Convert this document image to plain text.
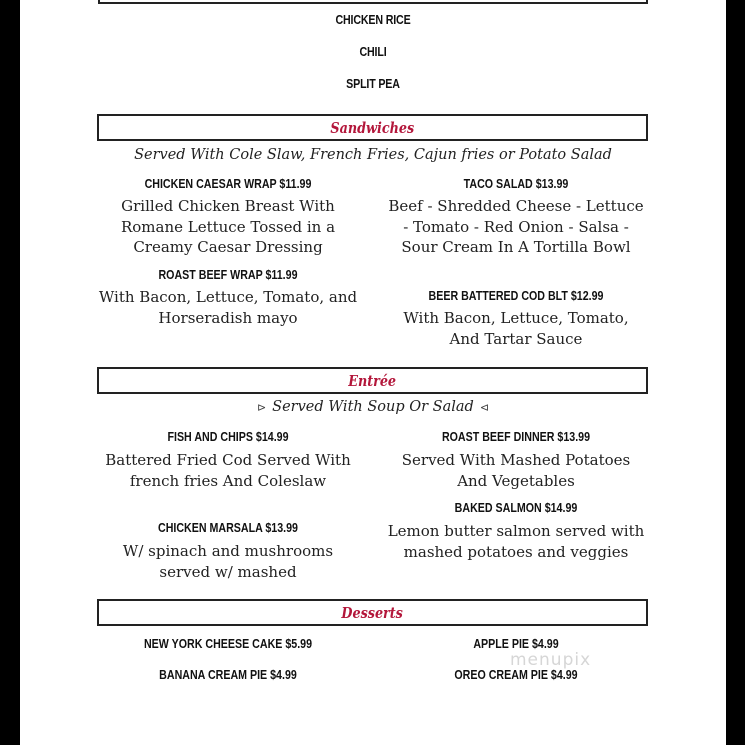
CHICKEN RICE
CHILI
SPLIT PEA
Sandwiches
Served With Cole Slaw, French Fries, Cajun fries or Potato Salad
CHICKEN CAESAR WRAP $11.99
Grilled Chicken Breast With Romane Lettuce Tossed in a Creamy Caesar Dressing
TACO SALAD $13.99
Beef - Shredded Cheese - Lettuce - Tomato - Red Onion - Salsa - Sour Cream In A Tortilla Bowl
ROAST BEEF WRAP $11.99
With Bacon, Lettuce, Tomato, and Horseradish mayo
BEER BATTERED COD BLT $12.99
With Bacon, Lettuce, Tomato, And Tartar Sauce
Entrée
⊳ Served With Soup Or Salad ⊲
FISH AND CHIPS $14.99
Battered Fried Cod Served With french fries And Coleslaw
ROAST BEEF DINNER $13.99
Served With Mashed Potatoes And Vegetables
CHICKEN MARSALA $13.99
W/ spinach and mushrooms served w/ mashed
BAKED SALMON $14.99
Lemon butter salmon served with mashed potatoes and veggies
Desserts
NEW YORK CHEESE CAKE $5.99	APPLE PIE $4.99
BANANA CREAM PIE $4.99	OREO CREAM PIE $4.99
menupix
